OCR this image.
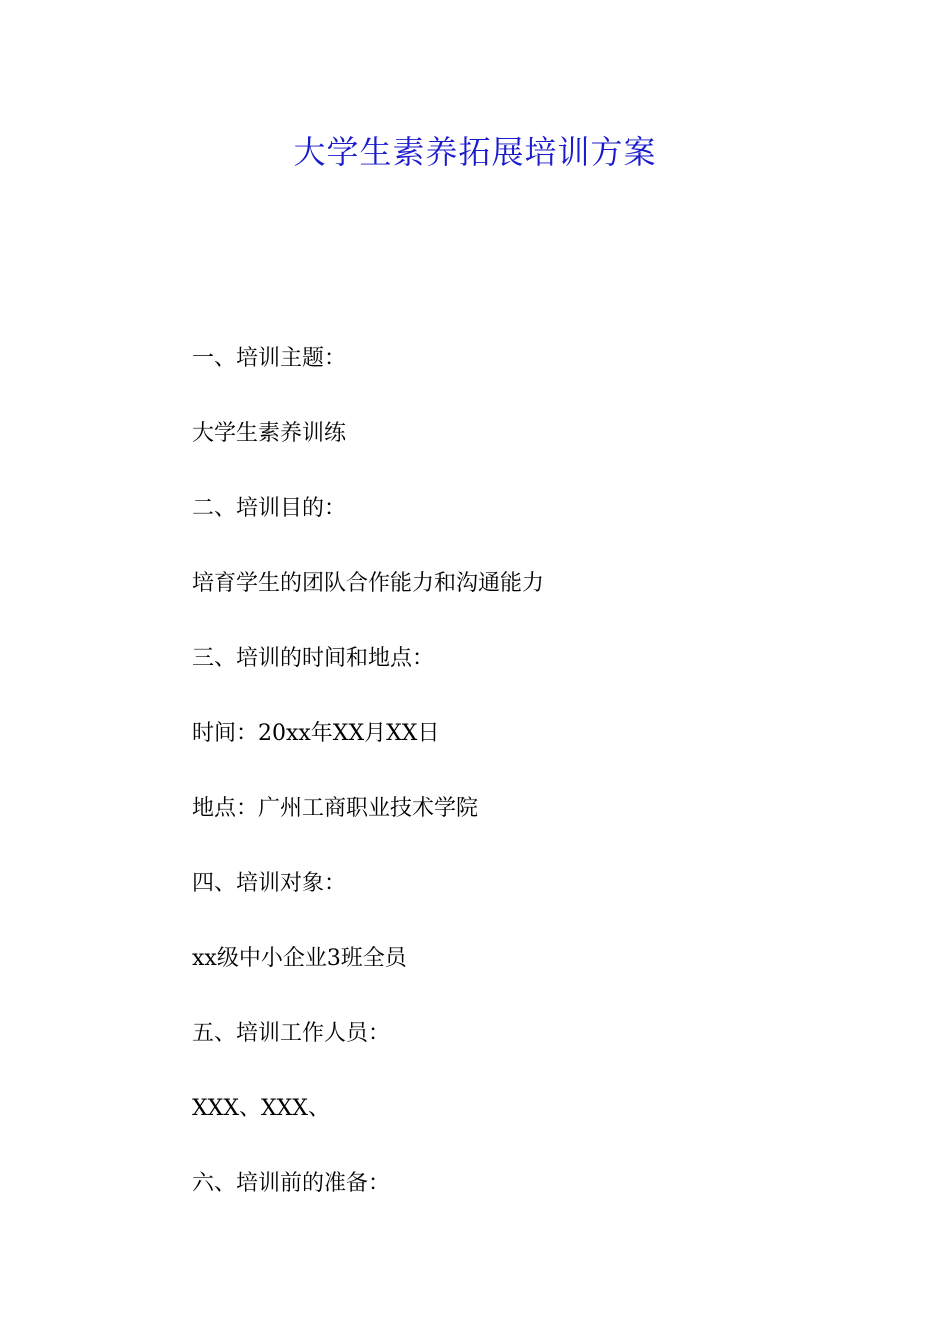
大学生素养拓展培训方案

一、培训主题：

大学生素养训练

二、培训目的：

培育学生的团队合作能力和沟通能力

三、培训的时间和地点：

时间：20xx年XX月XX日

地点：广州工商职业技术学院

四、培训对象：

xx级中小企业3班全员

五、培训工作人员：

XXX、XXX、

六、培训前的准备：
